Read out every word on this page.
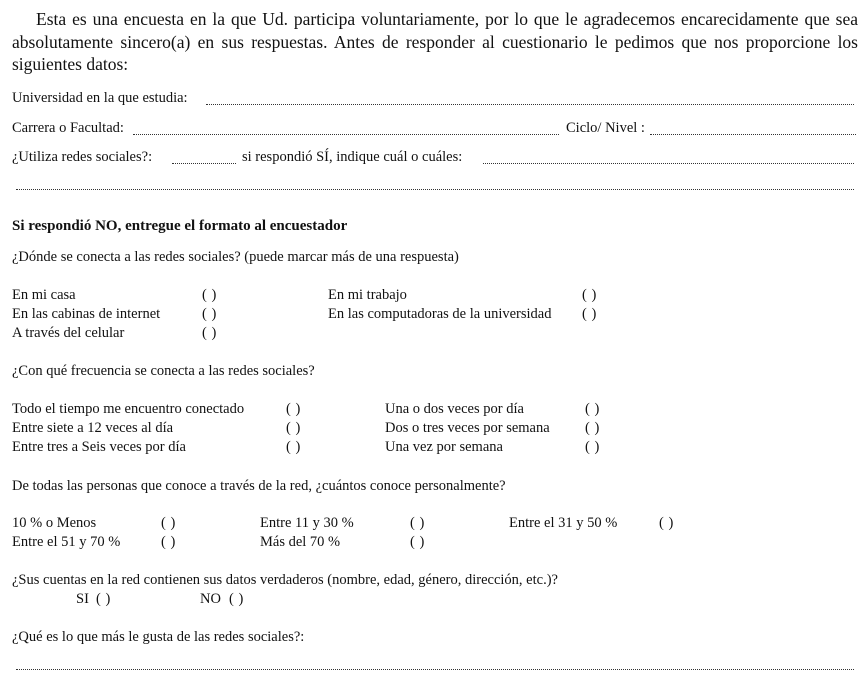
Esta es una encuesta en la que Ud. participa voluntariamente, por lo que le agradecemos encarecidamente que sea absolutamente sincero(a) en sus respuestas. Antes de responder al cuestionario le pedimos que nos proporcione los siguientes datos:

Universidad en la que estudia:
Carrera o Facultad:	Ciclo/ Nivel :
¿Utiliza redes sociales?:	si respondió SÍ, indique cuál o cuáles:
Si respondió NO, entregue el formato al encuestador
¿Dónde se conecta a las redes sociales? (puede marcar más de una respuesta)
En mi casa	( )	En mi trabajo	( )
En las cabinas de internet	( )	En las computadoras de la universidad ( )
A través del celular	( )
¿Con qué frecuencia se conecta a las redes sociales?
Todo el tiempo me encuentro conectado	( )	Una o dos veces por día	( )
Entre siete a 12 veces al día	( )	Dos o tres veces por semana ( )
Entre tres a Seis veces por día	( )	Una vez por semana	( )
De todas las personas que conoce a través de la red, ¿cuántos conoce personalmente?
10 % o Menos	( )	Entre 11 y 30 %	( )	Entre el 31 y 50 %	( )
Entre el 51 y 70 %	( )	Más del 70 %	( )
¿Sus cuentas en la red contienen sus datos verdaderos (nombre, edad, género, dirección, etc.)?
SI ( )	NO ( )
¿Qué es lo que más le gusta de las redes sociales?:
